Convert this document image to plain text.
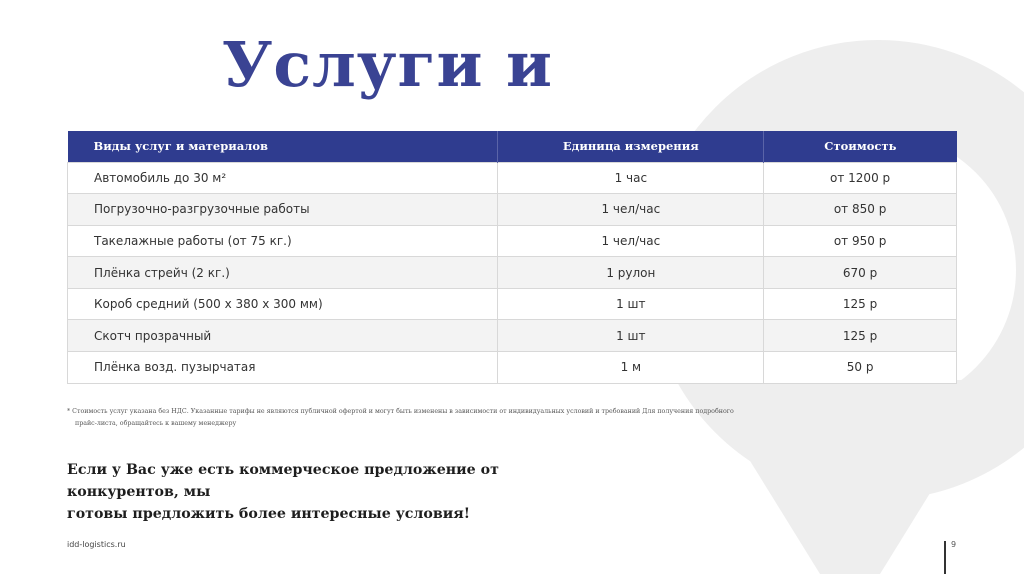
Услуги и
Виды услуг и материалов	Единица измерения	Стоимость
Автомобиль до 30 м²	1 час	от 1200 р
Погрузочно-разгрузочные работы	1 чел/час	от 850 р
Такелажные работы (от 75 кг.)	1 чел/час	от 950 р
Плёнка стрейч (2 кг.)	1 рулон	670 р
Короб средний (500 х 380 х 300 мм)	1 шт	125 р
Скотч прозрачный	1 шт	125 р
Плёнка возд. пузырчатая	1 м	50 р
* Стоимость услуг указана без НДС. Указанные тарифы не являются публичной офертой и могут быть изменены в зависимости от индивидуальных условий и требований Для получения подробного
прайс-листа, обращайтесь к вашему менеджеру
Если у Вас уже есть коммерческое предложение от конкурентов, мы
готовы предложить более интересные условия!
idd-logistics.ru	9
